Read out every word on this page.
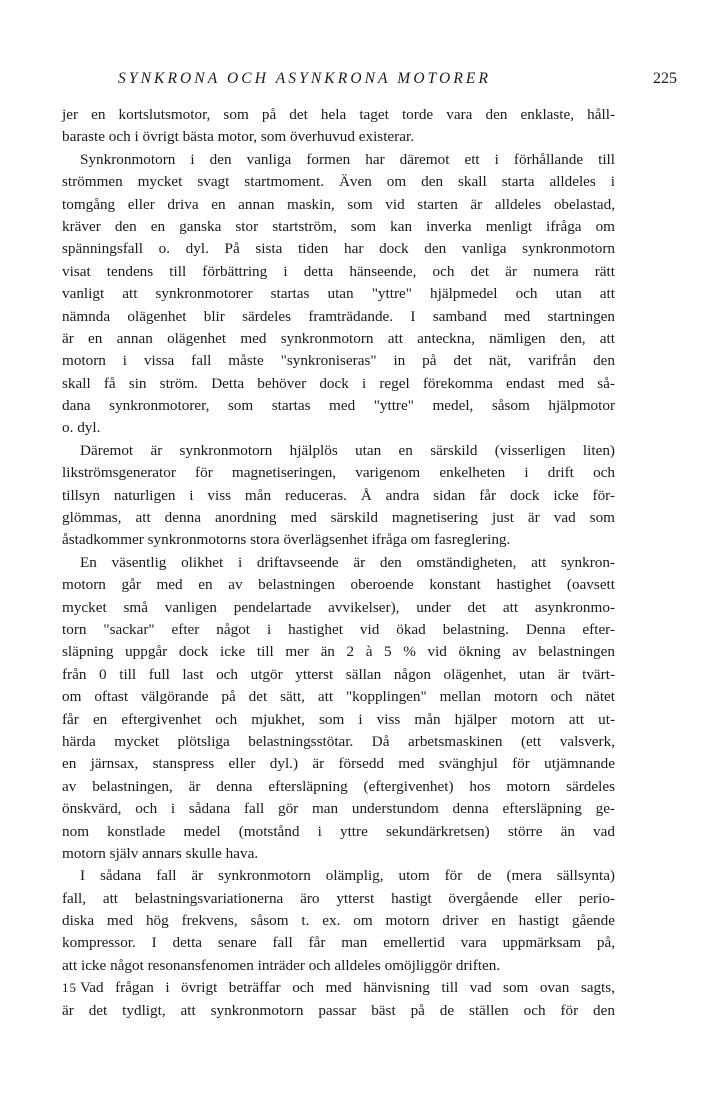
SYNKRONA OCH ASYNKRONA MOTORER	225
jer en kortslutsmotor, som på det hela taget torde vara den enklaste, håll-
baraste och i övrigt bästa motor, som överhuvud existerar.
Synkronmotorn i den vanliga formen har däremot ett i förhållande till
strömmen mycket svagt startmoment. Även om den skall starta alldeles i
tomgång eller driva en annan maskin, som vid starten är alldeles obelastad,
kräver den en ganska stor startström, som kan inverka menligt ifråga om
spänningsfall o. dyl. På sista tiden har dock den vanliga synkronmotorn
visat tendens till förbättring i detta hänseende, och det är numera rätt
vanligt att synkronmotorer startas utan "yttre" hjälpmedel och utan att
nämnda olägenhet blir särdeles framträdande. I samband med startningen
är en annan olägenhet med synkronmotorn att anteckna, nämligen den, att
motorn i vissa fall måste "synkroniseras" in på det nät, varifrån den
skall få sin ström. Detta behöver dock i regel förekomma endast med så-
dana synkronmotorer, som startas med "yttre" medel, såsom hjälpmotor
o. dyl.
Däremot är synkronmotorn hjälplös utan en särskild (visserligen liten)
likströmsgenerator för magnetiseringen, varigenom enkelheten i drift och
tillsyn naturligen i viss mån reduceras. Å andra sidan får dock icke för-
glömmas, att denna anordning med särskild magnetisering just är vad som
åstadkommer synkronmotorns stora överlägsenhet ifråga om fasreglering.
En väsentlig olikhet i driftavseende är den omständigheten, att synkron-
motorn går med en av belastningen oberoende konstant hastighet (oavsett
mycket små vanligen pendelartade avvikelser), under det att asynkronmo-
torn "sackar" efter något i hastighet vid ökad belastning. Denna efter-
släpning uppgår dock icke till mer än 2 à 5 % vid ökning av belastningen
från 0 till full last och utgör ytterst sällan någon olägenhet, utan är tvärt-
om oftast välgörande på det sätt, att "kopplingen" mellan motorn och nätet
får en eftergivenhet och mjukhet, som i viss mån hjälper motorn att ut-
härda mycket plötsliga belastningsstötar. Då arbetsmaskinen (ett valsverk,
en järnsax, stanspress eller dyl.) är försedd med svänghjul för utjämnande
av belastningen, är denna eftersläpning (eftergivenhet) hos motorn särdeles
önskvärd, och i sådana fall gör man understundom denna eftersläpning ge-
nom konstlade medel (motstånd i yttre sekundärkretsen) större än vad
motorn själv annars skulle hava.
I sådana fall är synkronmotorn olämplig, utom för de (mera sällsynta)
fall, att belastningsvariationerna äro ytterst hastigt övergående eller perio-
diska med hög frekvens, såsom t. ex. om motorn driver en hastigt gående
kompressor. I detta senare fall får man emellertid vara uppmärksam på,
att icke något resonansfenomen inträder och alldeles omöjliggör driften.
Vad frågan i övrigt beträffar och med hänvisning till vad som ovan sagts,
är det tydligt, att synkronmotorn passar bäst på de ställen och för den
15
